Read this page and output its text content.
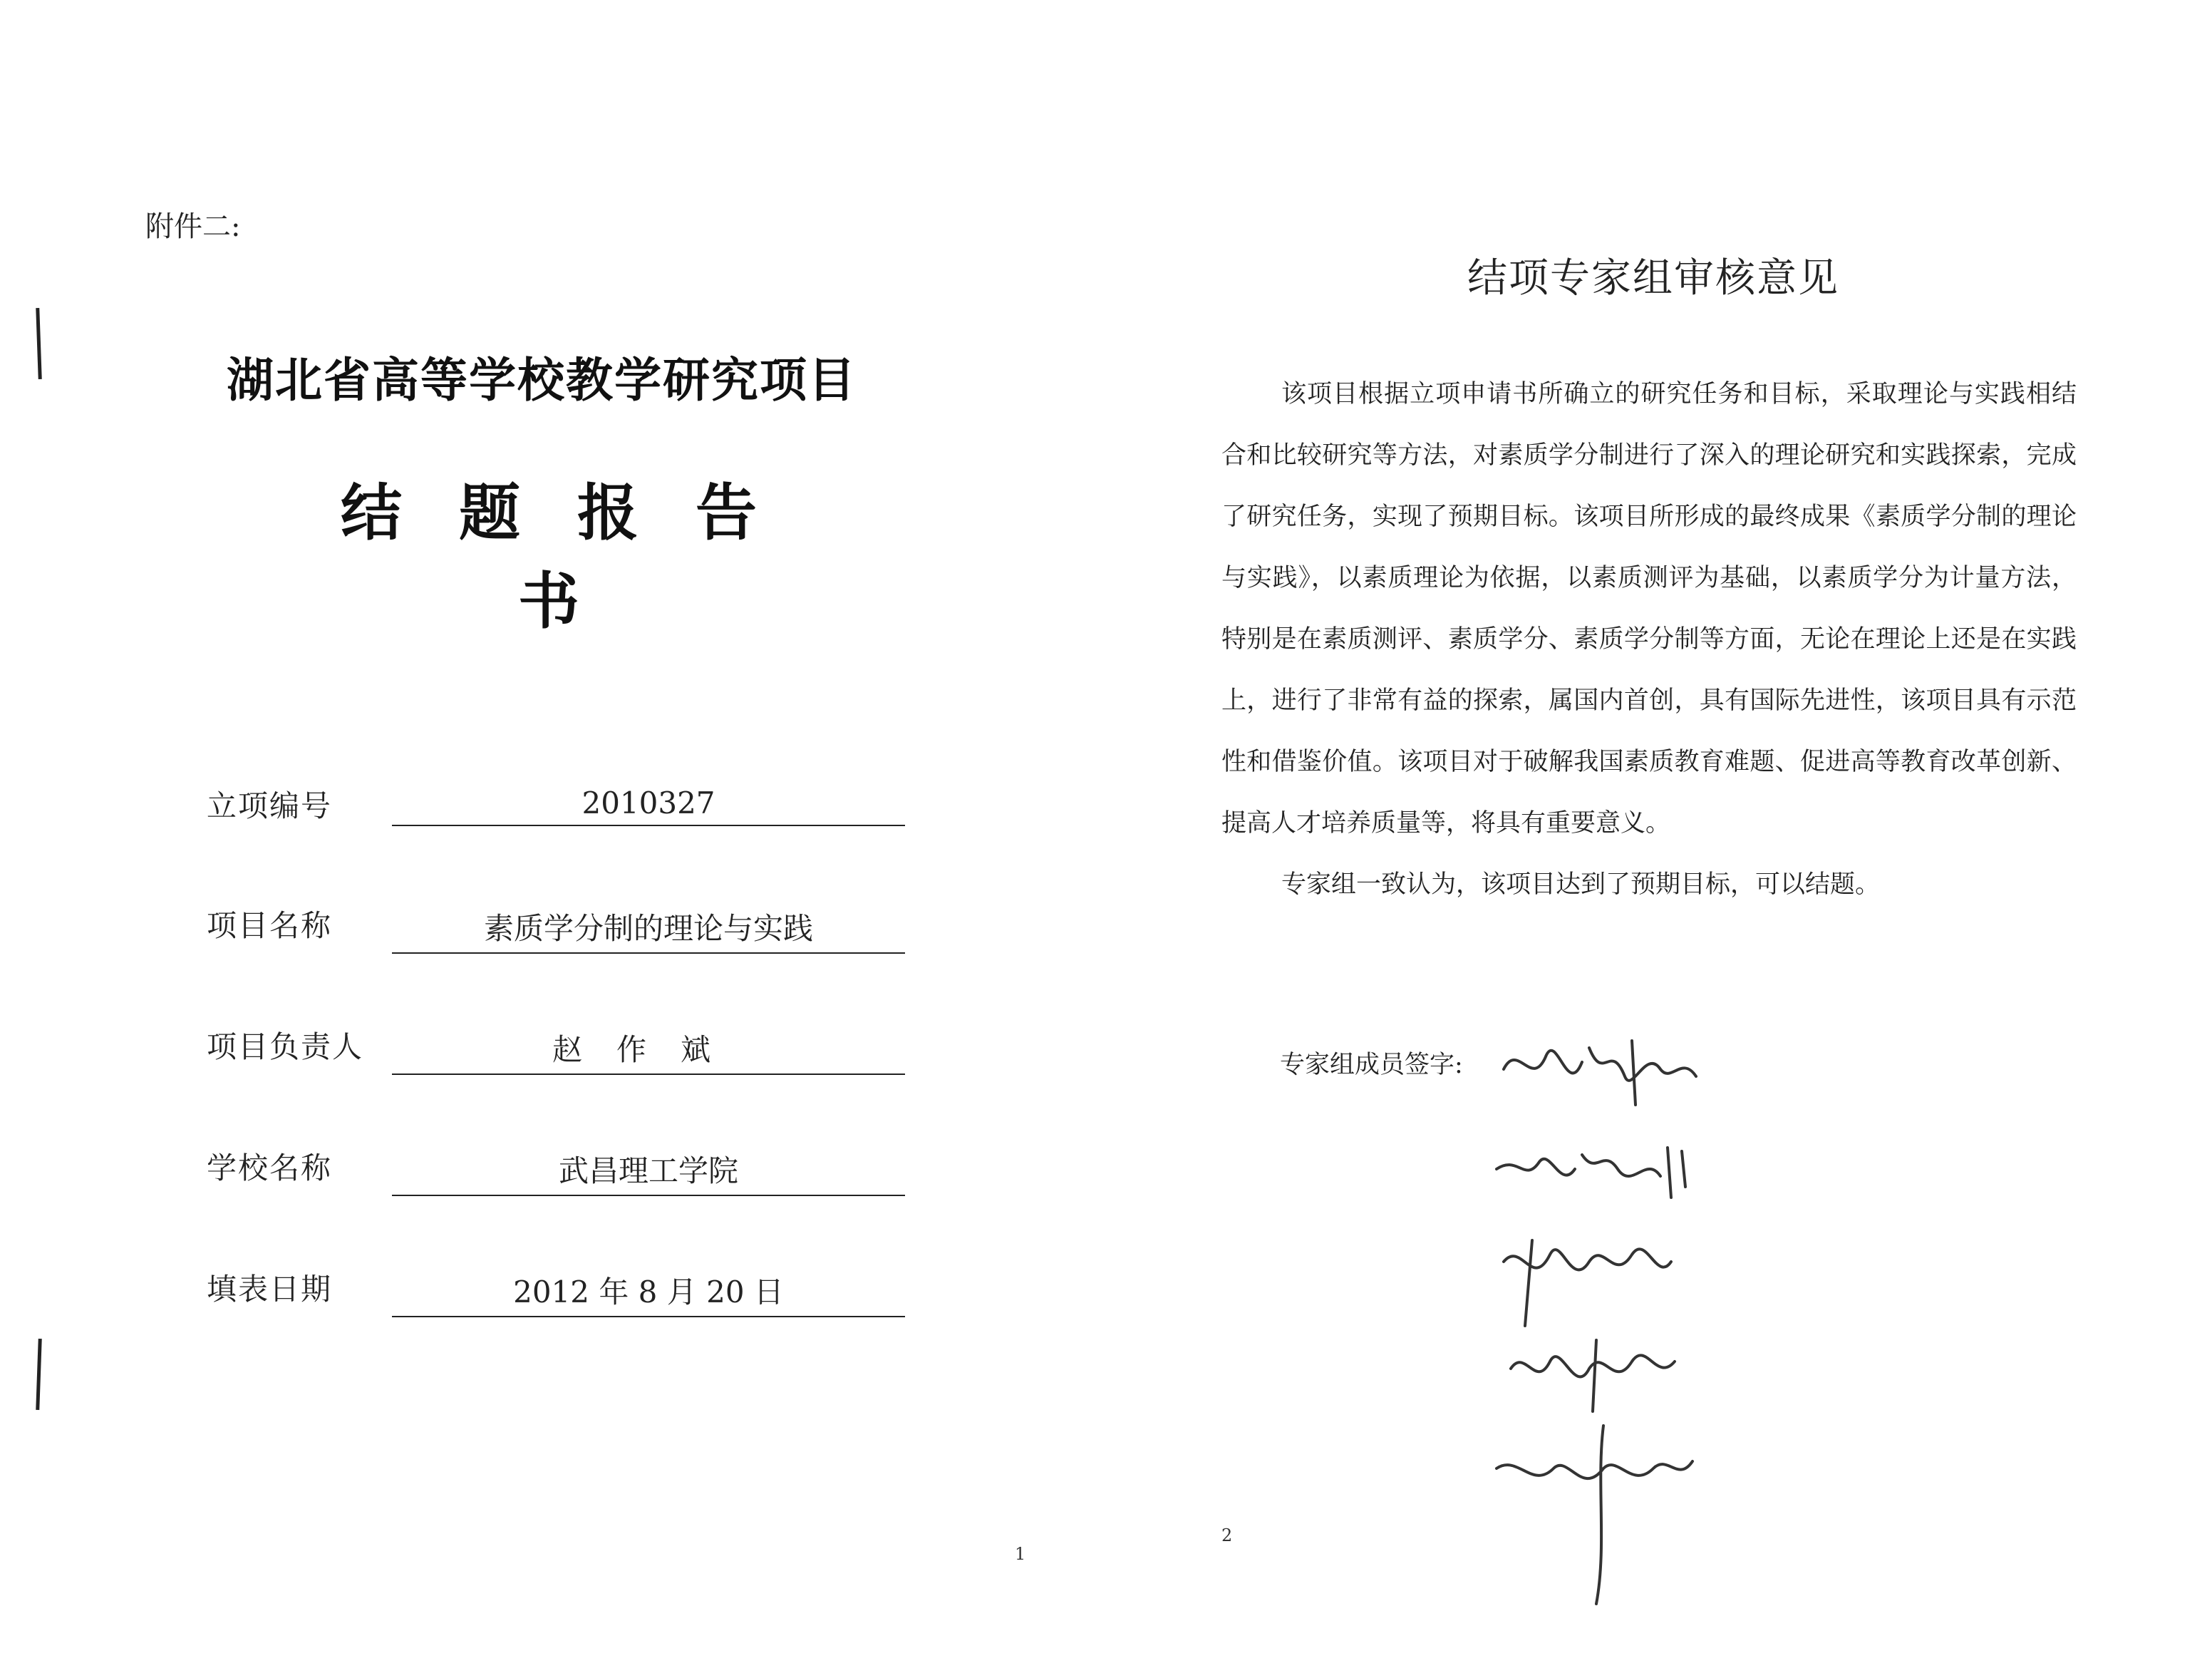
附件二:
湖北省高等学校教学研究项目
结题报告书
立项编号	2010327
项目名称	素质学分制的理论与实践
项目负责人	赵作斌
学校名称	武昌理工学院
填表日期	2012 年 8 月 20 日
1
结项专家组审核意见

该项目根据立项申请书所确立的研究任务和目标，采取理论与实践相结合和比较研究等方法，对素质学分制进行了深入的理论研究和实践探索，完成了研究任务，实现了预期目标。该项目所形成的最终成果《素质学分制的理论与实践》，以素质理论为依据，以素质测评为基础，以素质学分为计量方法，特别是在素质测评、素质学分、素质学分制等方面，无论在理论上还是在实践上，进行了非常有益的探索，属国内首创，具有国际先进性，该项目具有示范性和借鉴价值。该项目对于破解我国素质教育难题、促进高等教育改革创新、提高人才培养质量等，将具有重要意义。

专家组一致认为，该项目达到了预期目标，可以结题。

专家组成员签字:
2
